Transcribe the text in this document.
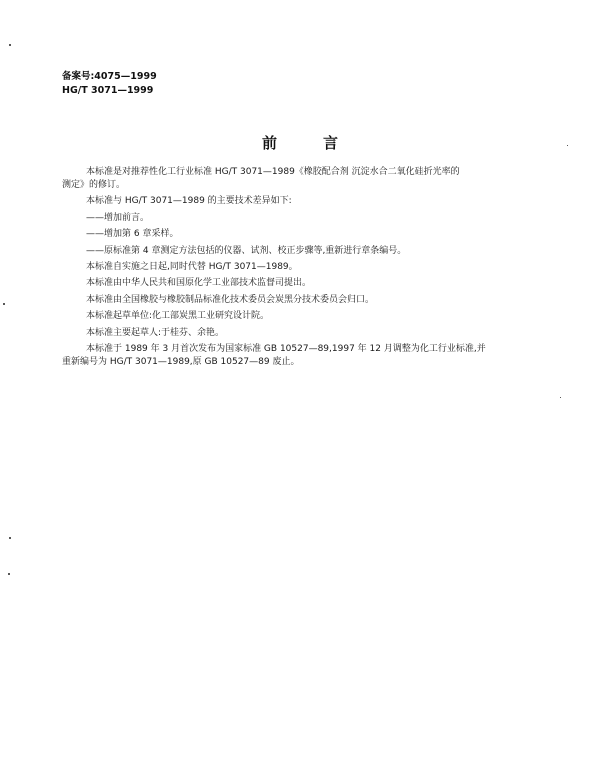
备案号:4075—1999
HG/T 3071—1999
前言

本标准是对推荐性化工行业标准 HG/T 3071—1989《橡胶配合剂 沉淀水合二氧化硅折光率的
测定》的修订。

本标准与 HG/T 3071—1989 的主要技术差异如下:

——增加前言。

——增加第 6 章采样。

——原标准第 4 章测定方法包括的仪器、试剂、校正步骤等,重新进行章条编号。

本标准自实施之日起,同时代替 HG/T 3071—1989。

本标准由中华人民共和国原化学工业部技术监督司提出。

本标准由全国橡胶与橡胶制品标准化技术委员会炭黑分技术委员会归口。

本标准起草单位:化工部炭黑工业研究设计院。

本标准主要起草人:于桂芬、余艳。

本标准于 1989 年 3 月首次发布为国家标准 GB 10527—89,1997 年 12 月调整为化工行业标准,并
重新编号为 HG/T 3071—1989,原 GB 10527—89 废止。
